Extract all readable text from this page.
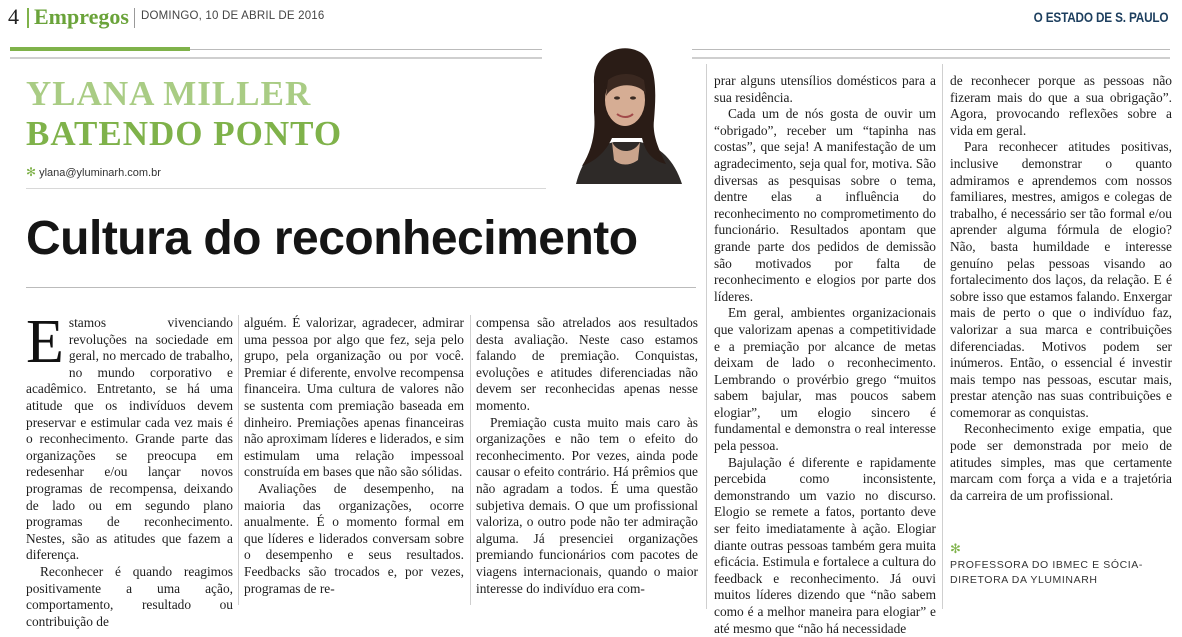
4 Empregos DOMINGO, 10 DE ABRIL DE 2016	O ESTADO DE S. PAULO
YLANA MILLER
BATENDO PONTO
✻ ylana@yluminarh.com.br
Cultura do reconhecimento

Estamos vivenciando revoluções na sociedade em geral, no mercado de trabalho, no mundo corporativo e acadêmico. Entretanto, se há uma atitude que os indivíduos devem preservar e estimular cada vez mais é o reconhecimento. Grande parte das organizações se preocupa em redesenhar e/ou lançar novos programas de recompensa, deixando de lado ou em segundo plano programas de reconhecimento. Nestes, são as atitudes que fazem a diferença.

Reconhecer é quando reagimos positivamente a uma ação, comportamento, resultado ou contribuição de

alguém. É valorizar, agradecer, admirar uma pessoa por algo que fez, seja pelo grupo, pela organização ou por você. Premiar é diferente, envolve recompensa financeira. Uma cultura de valores não se sustenta com premiação baseada em dinheiro. Premiações apenas financeiras não aproximam líderes e liderados, e sim estimulam uma relação impessoal construída em bases que não são sólidas.

Avaliações de desempenho, na maioria das organizações, ocorre anualmente. É o momento formal em que líderes e liderados conversam sobre o desempenho e seus resultados. Feedbacks são trocados e, por vezes, programas de re-

compensa são atrelados aos resultados desta avaliação. Neste caso estamos falando de premiação. Conquistas, evoluções e atitudes diferenciadas não devem ser reconhecidas apenas nesse momento.

Premiação custa muito mais caro às organizações e não tem o efeito do reconhecimento. Por vezes, ainda pode causar o efeito contrário. Há prêmios que não agradam a todos. É uma questão subjetiva demais. O que um profissional valoriza, o outro pode não ter admiração alguma. Já presenciei organizações premiando funcionários com pacotes de viagens internacionais, quando o maior interesse do indivíduo era com-

prar alguns utensílios domésticos para a sua residência.

Cada um de nós gosta de ouvir um “obrigado”, receber um “tapinha nas costas”, que seja! A manifestação de um agradecimento, seja qual for, motiva. São diversas as pesquisas sobre o tema, dentre elas a influência do reconhecimento no comprometimento do funcionário. Resultados apontam que grande parte dos pedidos de demissão são motivados por falta de reconhecimento e elogios por parte dos líderes.

Em geral, ambientes organizacionais que valorizam apenas a competitividade e a premiação por alcance de metas deixam de lado o reconhecimento. Lembrando o provérbio grego “muitos sabem bajular, mas poucos sabem elogiar”, um elogio sincero é fundamental e demonstra o real interesse pela pessoa.

Bajulação é diferente e rapidamente percebida como inconsistente, demonstrando um vazio no discurso. Elogio se remete a fatos, portanto deve ser feito imediatamente à ação. Elogiar diante outras pessoas também gera muita eficácia. Estimula e fortalece a cultura do feedback e reconhecimento. Já ouvi muitos líderes dizendo que “não sabem como é a melhor maneira para elogiar” e até mesmo que “não há necessidade

de reconhecer porque as pessoas não fizeram mais do que a sua obrigação”. Agora, provocando reflexões sobre a vida em geral.

Para reconhecer atitudes positivas, inclusive demonstrar o quanto admiramos e aprendemos com nossos familiares, mestres, amigos e colegas de trabalho, é necessário ser tão formal e/ou aprender alguma fórmula de elogio? Não, basta humildade e interesse genuíno pelas pessoas visando ao fortalecimento dos laços, da relação. E é sobre isso que estamos falando. Enxergar mais de perto o que o indivíduo faz, valorizar a sua marca e contribuições diferenciadas. Motivos podem ser inúmeros. Então, o essencial é investir mais tempo nas pessoas, escutar mais, prestar atenção nas suas contribuições e comemorar as conquistas.

Reconhecimento exige empatia, que pode ser demonstrada por meio de atitudes simples, mas que certamente marcam com força a vida e a trajetória da carreira de um profissional.

✻
PROFESSORA DO IBMEC E SÓCIA-DIRETORA DA YLUMINARH
